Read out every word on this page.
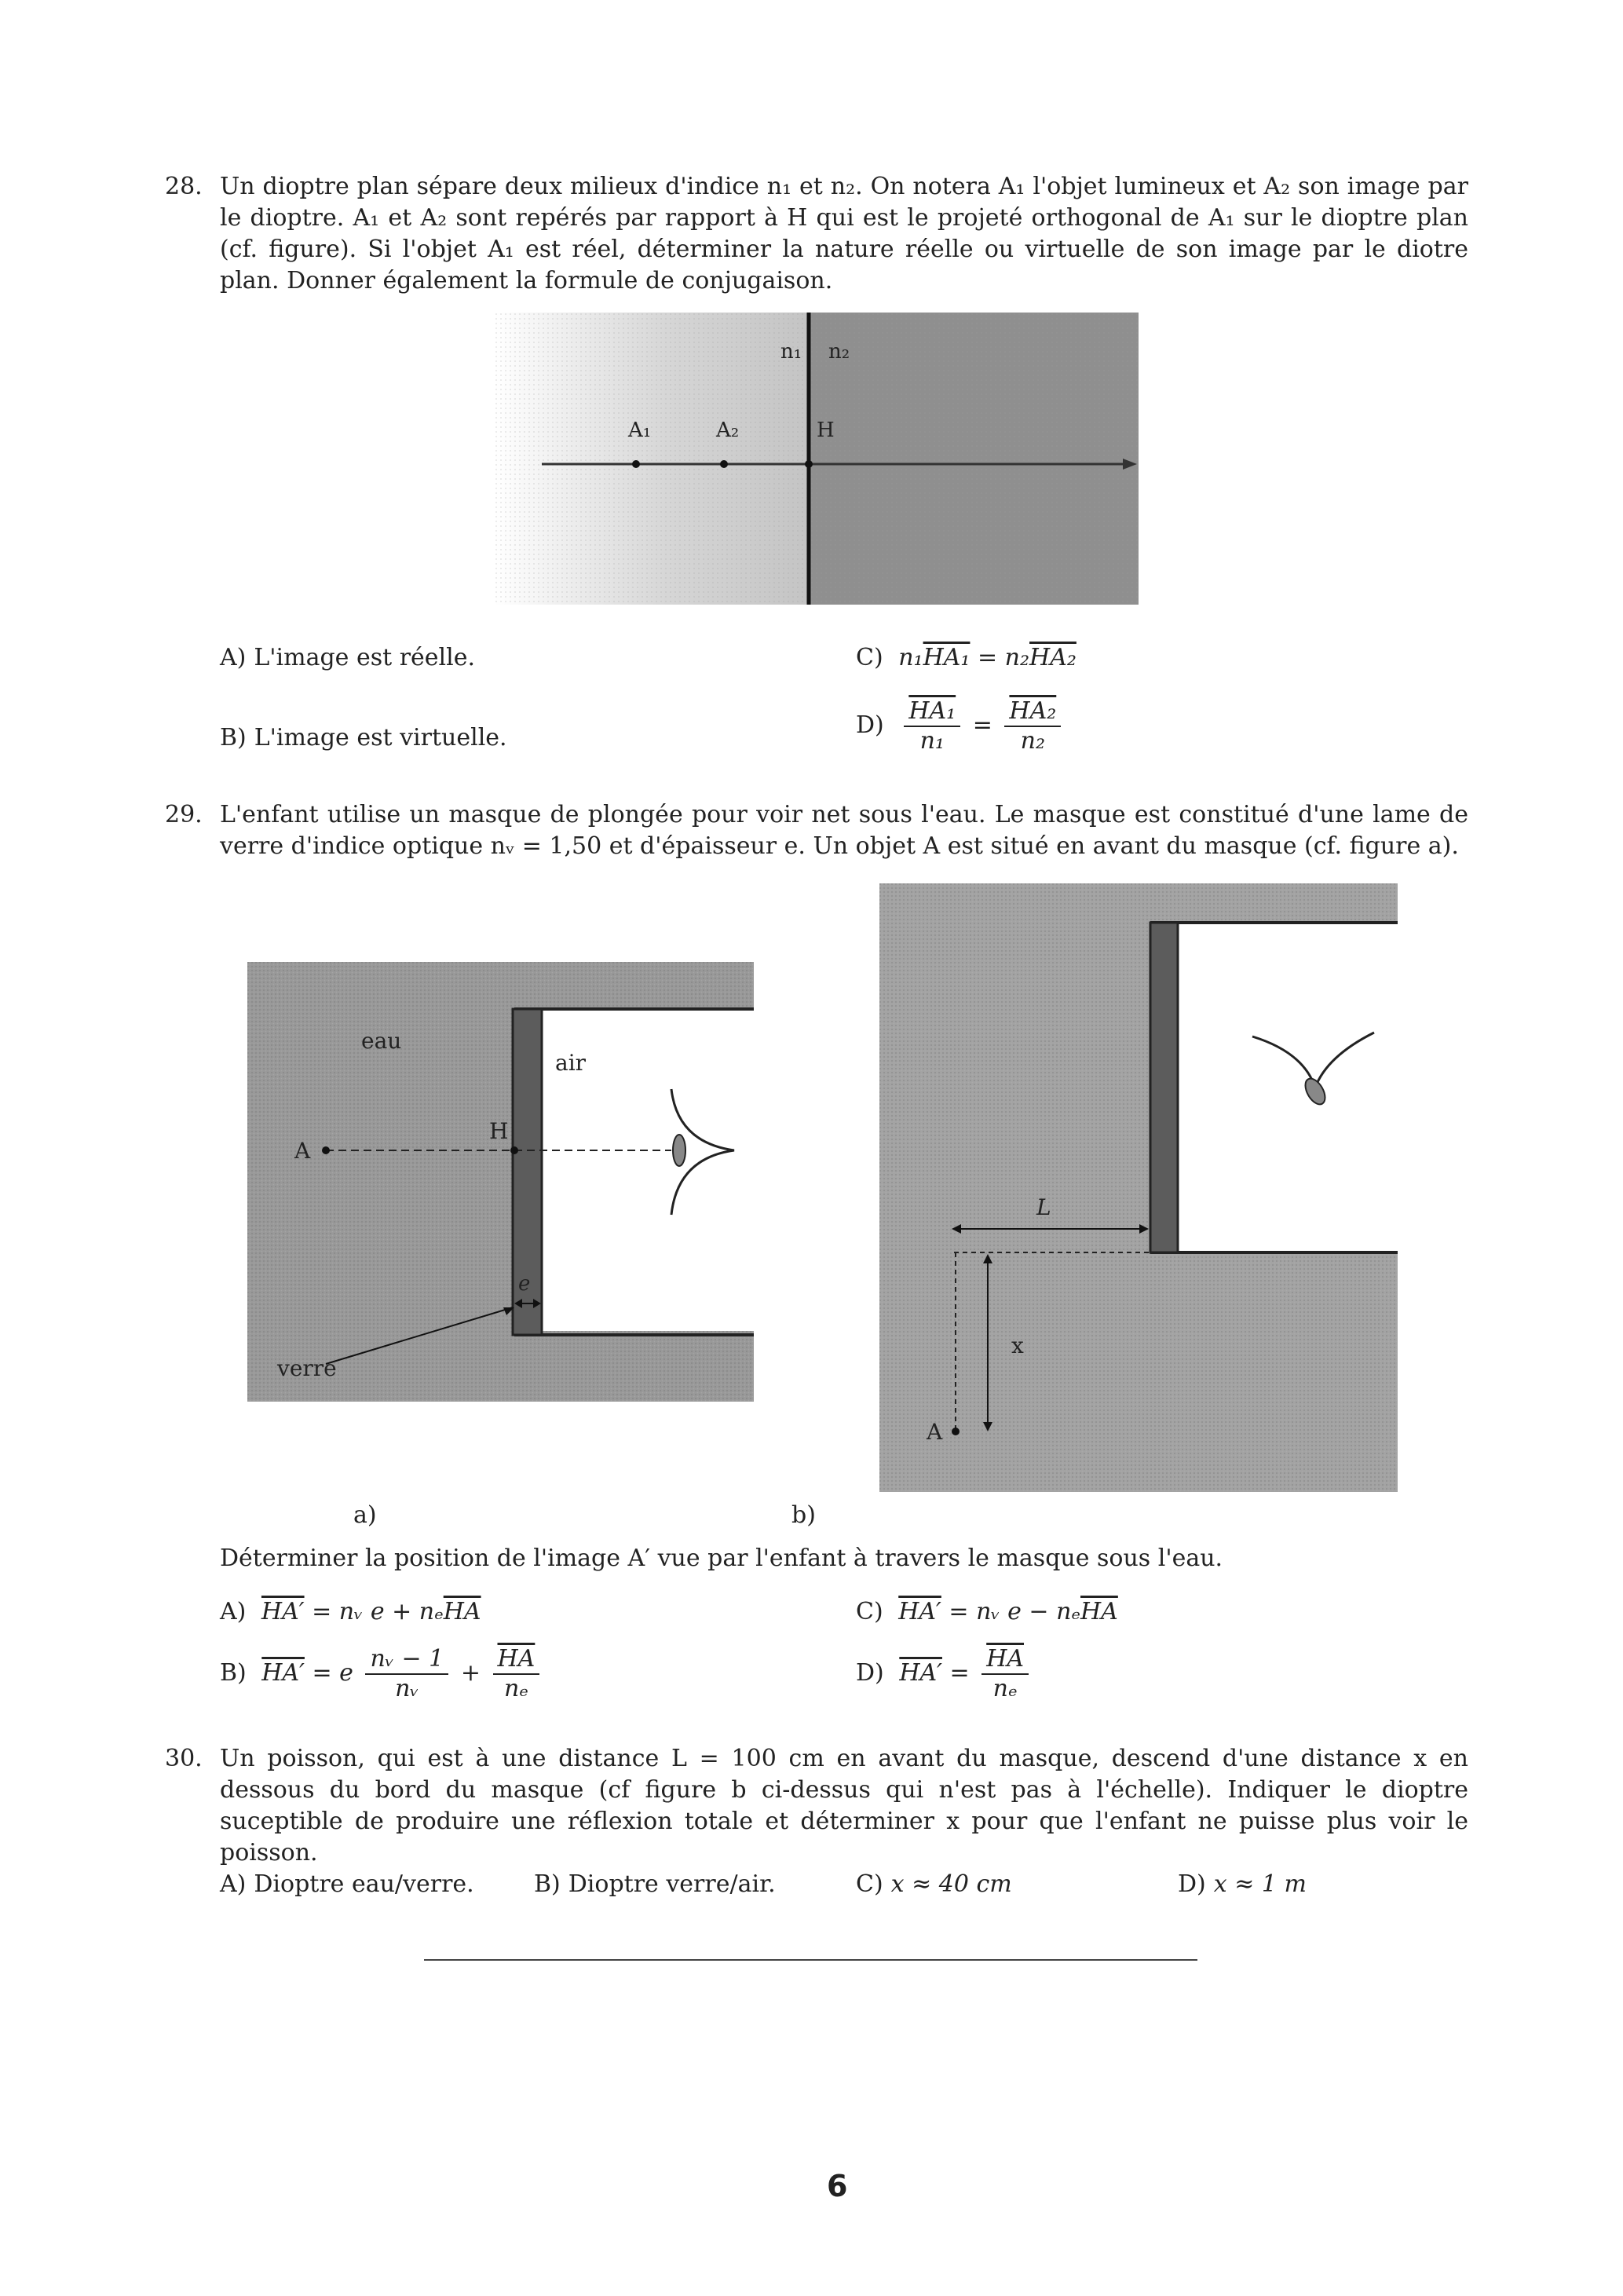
28. Un dioptre plan sépare deux milieux d'indice n₁ et n₂. On notera A₁ l'objet lumineux et A₂ son image par le dioptre. A₁ et A₂ sont repérés par rapport à H qui est le projeté orthogonal de A₁ sur le dioptre plan (cf. figure). Si l'objet A₁ est réel, déterminer la nature réelle ou virtuelle de son image par le diotre plan. Donner également la formule de conjugaison.
n₁ n₂
A₁	A₂	H
A) L'image est réelle.
B) L'image est virtuelle.
C) n₁HA₁ = n₂HA₂
$D) \frac{\text{HA₁}}{\text{n₁}} = \frac{\text{HA₂}}{\text{n₂}}$
29. L'enfant utilise un masque de plongée pour voir net sous l'eau. Le masque est constitué d'une lame de verre d'indice optique nᵥ = 1,50 et d'épaisseur e. Un objet A est situé en avant du masque (cf. figure a).
eau
air
H
A
e
verre
L
x
A
a)	b)
Déterminer la position de l'image A′ vue par l'enfant à travers le masque sous l'eau.
A) HA′ = nᵥ $e + n_e\overline{HA}$
B) HA′ = e $\frac{\text{nᵥ − 1}}{\text{nᵥ}} + \frac{\overline{HA}}{\text{nₑ}}$
C) HA′ = nᵥ $e - n_e\overline{HA}$
D) $HA' = \frac{\overline{HA}}{\text{nₑ}}$
30. Un poisson, qui est à une distance L = 100 cm en avant du masque, descend d'une distance x en dessous du bord du masque (cf figure b ci-dessus qui n'est pas à l'échelle). Indiquer le dioptre suceptible de produire une réflexion totale et déterminer x pour que l'enfant ne puisse plus voir le poisson.
A) Dioptre eau/verre.	B) Dioptre verre/air.	C) x ≈ 40 cm	D) x ≈ 1 m
6
